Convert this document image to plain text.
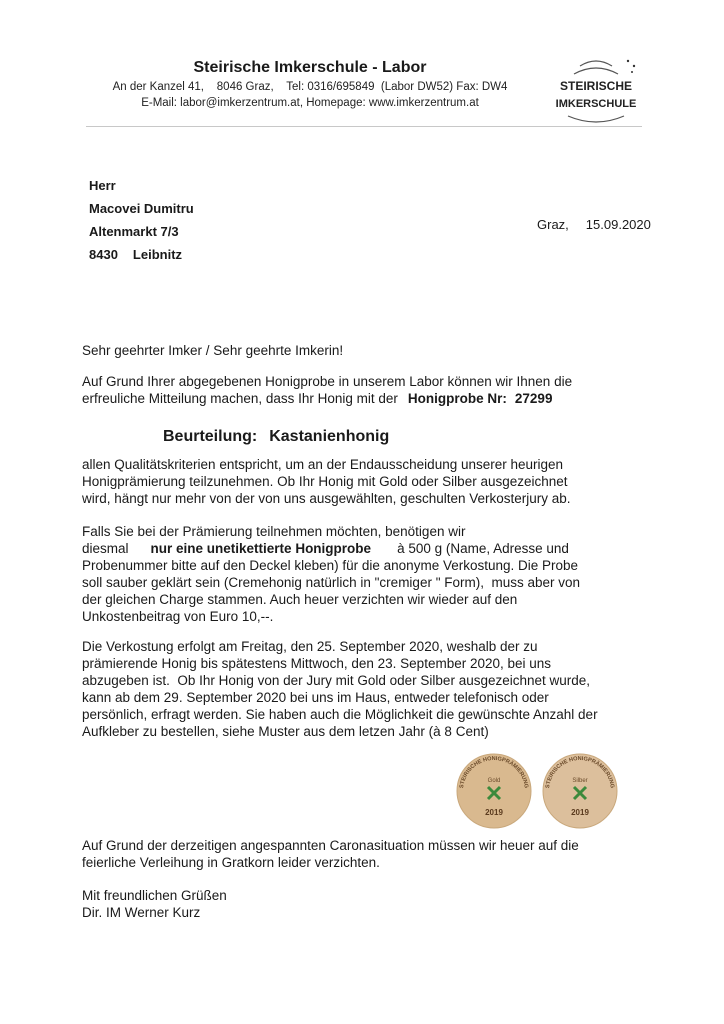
Steirische Imkerschule - Labor
An der Kanzel 41,    8046 Graz,    Tel: 0316/695849  (Labor DW52) Fax: DW4
E-Mail: labor@imkerzentrum.at, Homepage: www.imkerzentrum.at
STEIRISCHE
IMKERSCHULE
Herr
Macovei Dumitru
Altenmarkt 7/3
8430 Leibnitz
Graz, 15.09.2020

Sehr geehrter Imker / Sehr geehrte Imkerin!

Auf Grund Ihrer abgegebenen Honigprobe in unserem Labor können wir Ihnen die

erfreuliche Mitteilung machen, dass Ihr Honig mit der Honigprobe Nr: 27299

Beurteilung: Kastanienhonig

allen Qualitätskriterien entspricht, um an der Endausscheidung unserer heurigen

Honigprämierung teilzunehmen. Ob Ihr Honig mit Gold oder Silber ausgezeichnet

wird, hängt nur mehr von der von uns ausgewählten, geschulten Verkosterjury ab.

Falls Sie bei der Prämierung teilnehmen möchten, benötigen wir

diesmal nur eine unetikettierte Honigprobe à 500 g (Name, Adresse und

Probenummer bitte auf den Deckel kleben) für die anonyme Verkostung. Die Probe

soll sauber geklärt sein (Cremehonig natürlich in "cremiger " Form),  muss aber von

der gleichen Charge stammen. Auch heuer verzichten wir wieder auf den

Unkostenbeitrag von Euro 10,--.

Die Verkostung erfolgt am Freitag, den 25. September 2020, weshalb der zu

prämierende Honig bis spätestens Mittwoch, den 23. September 2020, bei uns

abzugeben ist.  Ob Ihr Honig von der Jury mit Gold oder Silber ausgezeichnet wurde,

kann ab dem 29. September 2020 bei uns im Haus, entweder telefonisch oder

persönlich, erfragt werden. Sie haben auch die Möglichkeit die gewünschte Anzahl der

Aufkleber zu bestellen, siehe Muster aus dem letzen Jahr (à 8 Cent)

STEIRISCHE HONIGPRÄMIERUNG
Gold
2019
STEIRISCHE HONIGPRÄMIERUNG
Silber
2019

Auf Grund der derzeitigen angespannten Caronasituation müssen wir heuer auf die

feierliche Verleihung in Gratkorn leider verzichten.

Mit freundlichen Grüßen

Dir. IM Werner Kurz
